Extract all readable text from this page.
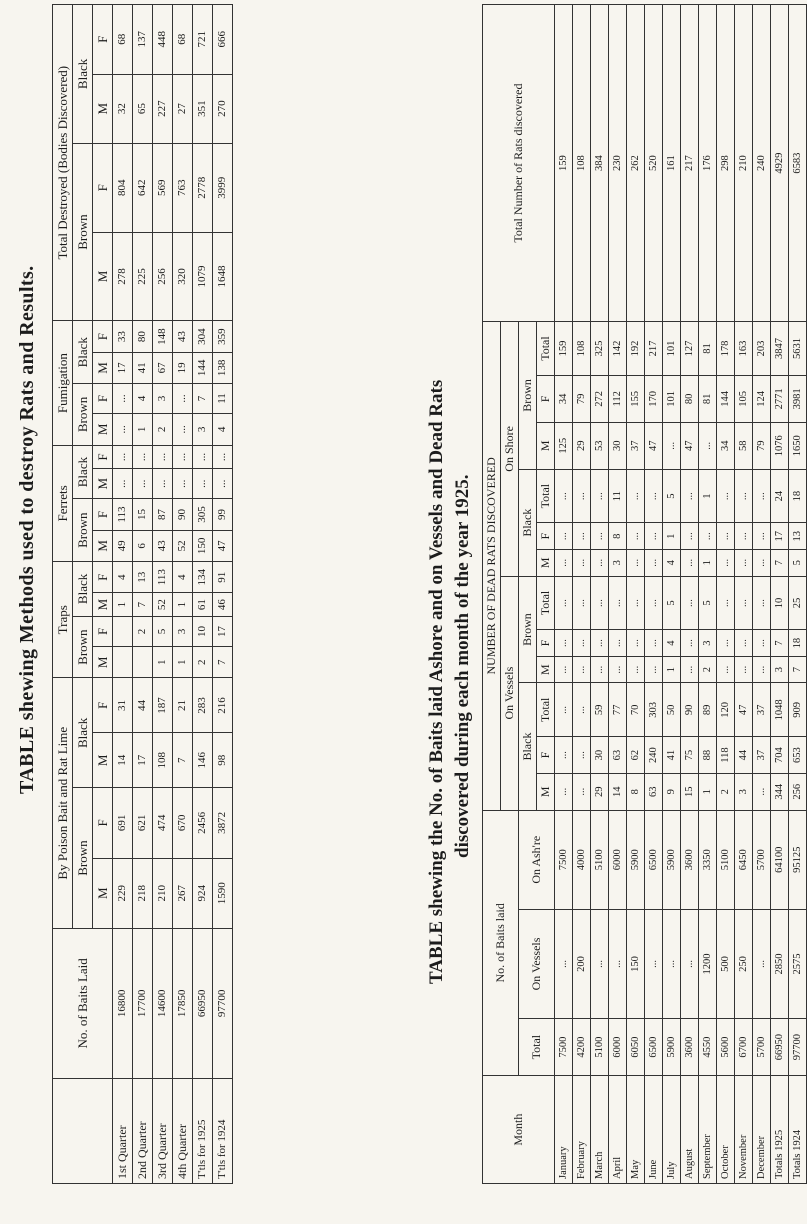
TABLE shewing Methods used to destroy Rats and Results.
	No. of Baits Laid	By Poison Bait and Rat Lime				Traps				Ferrets				Fumigation				Total Destroyed (Bodies Discovered)			
		Brown		Black		Brown		Black		Brown		Black		Brown		Black		Brown		Black	
		M	F	M	F	M	F	M	F	M	F	M	F	M	F	M	F	M	F	M	F
1st Quarter	16800	229	691	14	31			1	4	49	113	...	...	...	...	17	33	278	804	32	68
2nd Quarter	17700	218	621	17	44		2	7	13	6	15	...	...	1	4	41	80	225	642	65	137
3rd Quarter	14600	210	474	108	187	1	5	52	113	43	87	...	...	2	3	67	148	256	569	227	448
4th Quarter	17850	267	670	7	21	1	3	1	4	52	90	...	...	...	...	19	43	320	763	27	68
T'tls for 1925	66950	924	2456	146	283	2	10	61	134	150	305	...	...	3	7	144	304	1079	2778	351	721
T'tls for 1924	97700	1590	3872	98	216	7	17	46	91	47	99	...	...	4	11	138	359	1648	3999	270	666
TABLE shewing the No. of Baits laid Ashore and on Vessels and Dead Rats discovered during each month of the year 1925.
Month	No. of Baits laid			NUMBER OF DEAD RATS DISCOVERED												Total Number of Rats discovered
				On Vessels						On Shore						
	Total	On Vessels	On Ash're	Black			Brown			Black			Brown			
				M	F	Total	M	F	Total	M	F	Total	M	F	Total	
January	7500	...	7500	...	...	...	...	...	...	...	...	...	125	34	159	159
February	4200	200	4000	...	...	...	...	...	...	...	...	...	29	79	108	108
March	5100	...	5100	29	30	59	...	...	...	...	...	...	53	272	325	384
April	6000	...	6000	14	63	77	...	...	...	3	8	11	30	112	142	230
May	6050	150	5900	8	62	70	...	...	...	...	...	...	37	155	192	262
June	6500	...	6500	63	240	303	...	...	...	...	...	...	47	170	217	520
July	5900	...	5900	9	41	50	1	4	5	4	1	5	...	101	101	161
August	3600	...	3600	15	75	90	...	...	...	...	...	...	47	80	127	217
September	4550	1200	3350	1	88	89	2	3	5	1	...	1	...	81	81	176
October	5600	500	5100	2	118	120	...	...	...	...	...	...	34	144	178	298
November	6700	250	6450	3	44	47	...	...	...	...	...	...	58	105	163	210
December	5700	...	5700	...	37	37	...	...	...	...	...	...	79	124	203	240
Totals 1925	66950	2850	64100	344	704	1048	3	7	10	7	17	24	1076	2771	3847	4929
Totals 1924	97700	2575	95125	256	653	909	7	18	25	5	13	18	1650	3981	5631	6583
